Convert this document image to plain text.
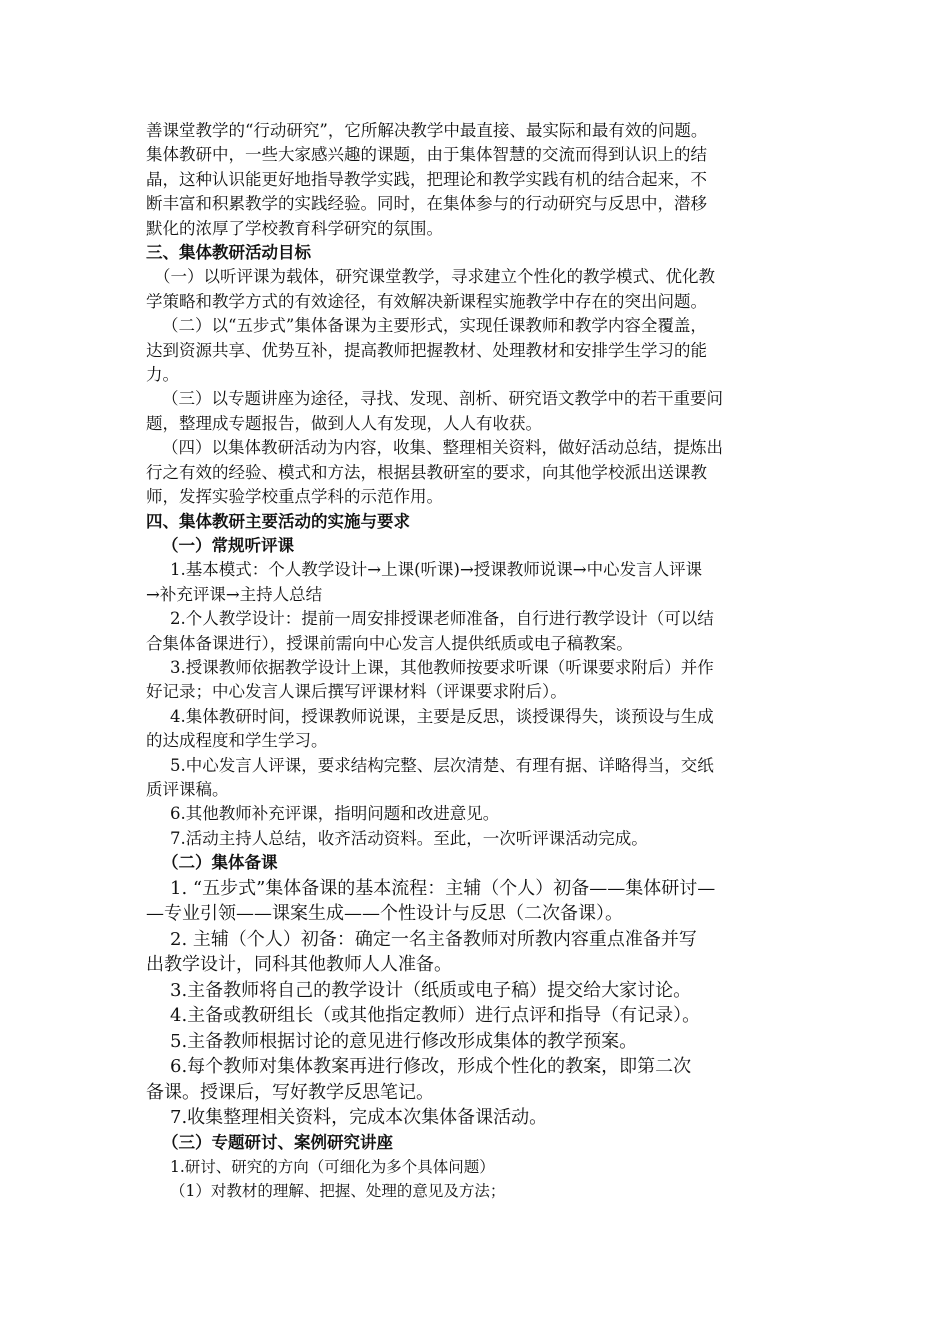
善课堂教学的“行动研究”，它所解决教学中最直接、最实际和最有效的问题。
集体教研中，一些大家感兴趣的课题，由于集体智慧的交流而得到认识上的结
晶，这种认识能更好地指导教学实践，把理论和教学实践有机的结合起来，不
断丰富和积累教学的实践经验。同时，在集体参与的行动研究与反思中，潜移
默化的浓厚了学校教育科学研究的氛围。
三、集体教研活动目标
（一）以听评课为载体，研究课堂教学，寻求建立个性化的教学模式、优化教
学策略和教学方式的有效途径，有效解决新课程实施教学中存在的突出问题。
（二）以“五步式”集体备课为主要形式，实现任课教师和教学内容全覆盖，
达到资源共享、优势互补，提高教师把握教材、处理教材和安排学生学习的能
力。
（三）以专题讲座为途径，寻找、发现、剖析、研究语文教学中的若干重要问
题，整理成专题报告，做到人人有发现，人人有收获。
（四）以集体教研活动为内容，收集、整理相关资料，做好活动总结，提炼出
行之有效的经验、模式和方法，根据县教研室的要求，向其他学校派出送课教
师，发挥实验学校重点学科的示范作用。
四、集体教研主要活动的实施与要求
（一）常规听评课
1.基本模式：个人教学设计→上课(听课)→授课教师说课→中心发言人评课
→补充评课→主持人总结
2.个人教学设计：提前一周安排授课老师准备，自行进行教学设计（可以结
合集体备课进行），授课前需向中心发言人提供纸质或电子稿教案。
3.授课教师依据教学设计上课，其他教师按要求听课（听课要求附后）并作
好记录；中心发言人课后撰写评课材料（评课要求附后）。
4.集体教研时间，授课教师说课，主要是反思，谈授课得失，谈预设与生成
的达成程度和学生学习。
5.中心发言人评课，要求结构完整、层次清楚、有理有据、详略得当，交纸
质评课稿。
6.其他教师补充评课，指明问题和改进意见。
7.活动主持人总结，收齐活动资料。至此，一次听评课活动完成。
（二）集体备课
1. “五步式”集体备课的基本流程：主辅（个人）初备——集体研讨—
—专业引领——课案生成——个性设计与反思（二次备课）。
2. 主辅（个人）初备：确定一名主备教师对所教内容重点准备并写
出教学设计，同科其他教师人人准备。
3.主备教师将自己的教学设计（纸质或电子稿）提交给大家讨论。
4.主备或教研组长（或其他指定教师）进行点评和指导（有记录）。
5.主备教师根据讨论的意见进行修改形成集体的教学预案。
6.每个教师对集体教案再进行修改，形成个性化的教案，即第二次
备课。授课后，写好教学反思笔记。
7.收集整理相关资料，完成本次集体备课活动。
（三）专题研讨、案例研究讲座
1.研讨、研究的方向（可细化为多个具体问题）
（1）对教材的理解、把握、处理的意见及方法；
